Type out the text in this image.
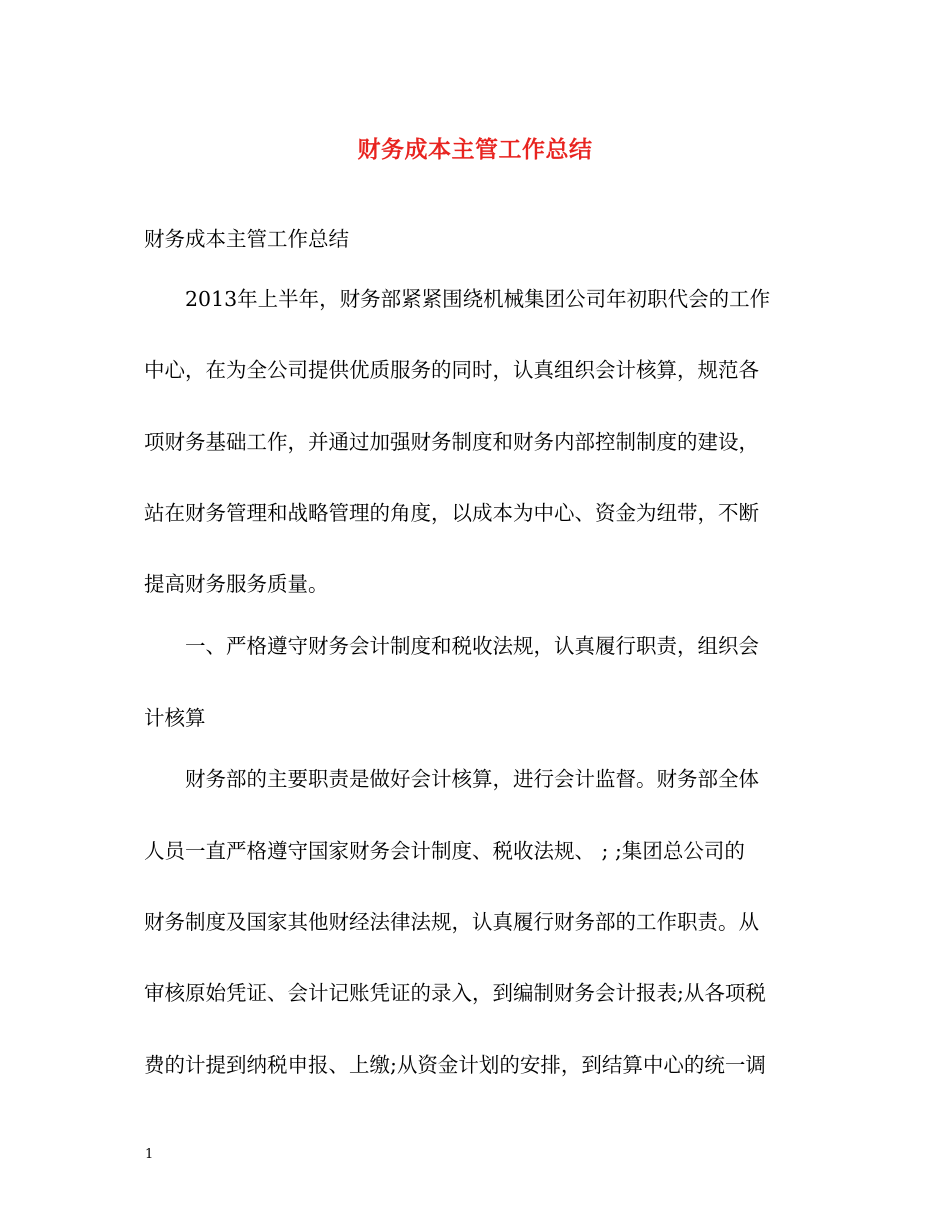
财务成本主管工作总结
财务成本主管工作总结
　　2013年上半年，财务部紧紧围绕机械集团公司年初职代会的工作
中心，在为全公司提供优质服务的同时，认真组织会计核算，规范各
项财务基础工作，并通过加强财务制度和财务内部控制制度的建设，
站在财务管理和战略管理的角度，以成本为中心、资金为纽带，不断
提高财务服务质量。
　　一、严格遵守财务会计制度和税收法规，认真履行职责，组织会
计核算
　　财务部的主要职责是做好会计核算，进行会计监督。财务部全体
人员一直严格遵守国家财务会计制度、税收法规、 ; ;集团总公司的
财务制度及国家其他财经法律法规，认真履行财务部的工作职责。从
审核原始凭证、会计记账凭证的录入，到编制财务会计报表;从各项税
费的计提到纳税申报、上缴;从资金计划的安排，到结算中心的统一调
1
